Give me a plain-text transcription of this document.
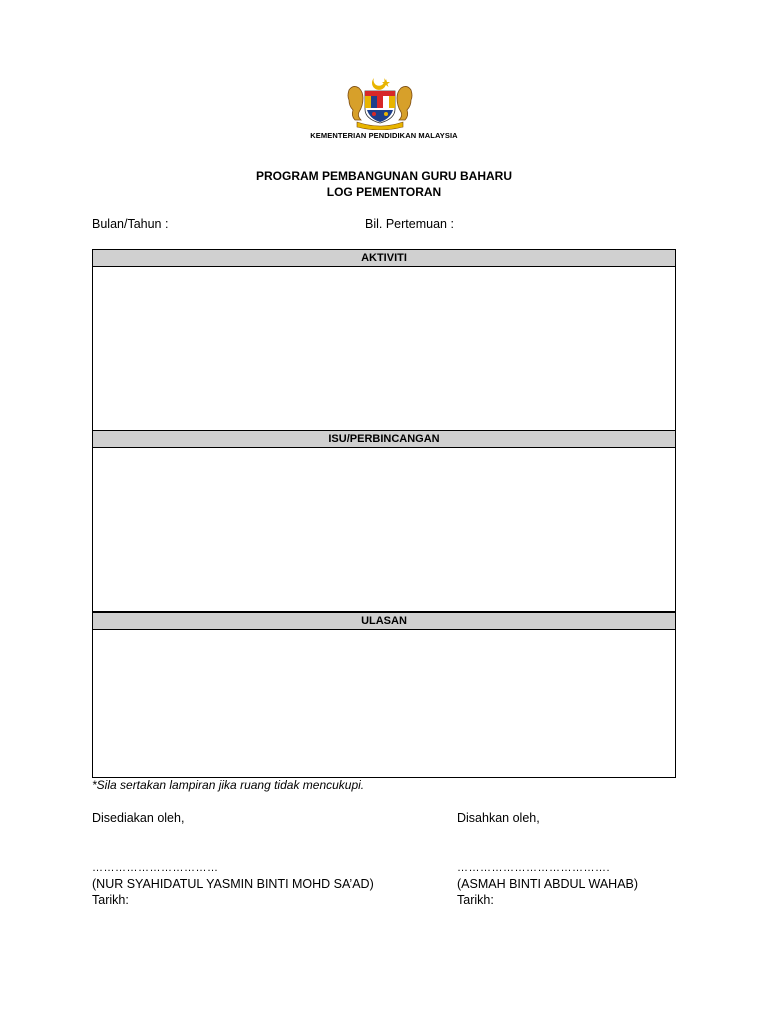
KEMENTERIAN PENDIDIKAN MALAYSIA
PROGRAM PEMBANGUNAN GURU BAHARU
LOG PEMENTORAN
Bulan/Tahun :	Bil. Pertemuan :
AKTIVITI
ISU/PERBINCANGAN
ULASAN
*Sila sertakan lampiran jika ruang tidak mencukupi.
Disediakan oleh,
……………………………
(NUR SYAHIDATUL YASMIN BINTI MOHD SA’AD)
Tarikh:
Disahkan oleh,
………………………………….
(ASMAH BINTI ABDUL WAHAB)
Tarikh:
